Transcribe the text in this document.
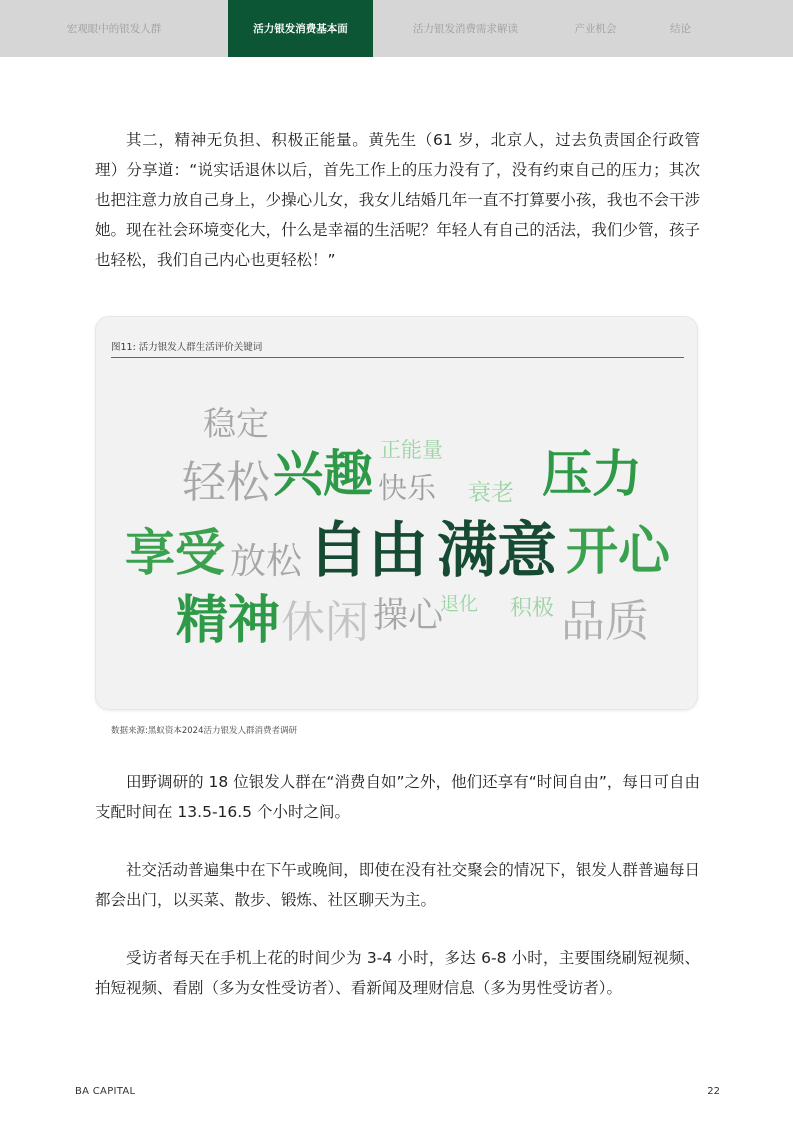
宏观眼中的银发人群	活力银发消费基本面	活力银发消费需求解读	产业机会	结论

其二，精神无负担、积极正能量。黄先生（61 岁，北京人，过去负责国企行政管理）分享道：“说实话退休以后，首先工作上的压力没有了，没有约束自己的压力；其次也把注意力放自己身上，少操心儿女，我女儿结婚几年一直不打算要小孩，我也不会干涉她。现在社会环境变化大，什么是幸福的生活呢？年轻人有自己的活法，我们少管，孩子也轻松，我们自己内心也更轻松！”

图11: 活力银发人群生活评价关键词
稳定
正能量
轻松 兴趣 快乐 衰老 压力
享受 放松 自由 满意 开心
精神 休闲 操心
退化 积极 品质
数据来源:黑蚁资本2024活力银发人群消费者调研

田野调研的 18 位银发人群在“消费自如”之外，他们还享有“时间自由”，每日可自由支配时间在 13.5-16.5 个小时之间。

社交活动普遍集中在下午或晚间，即使在没有社交聚会的情况下，银发人群普遍每日都会出门，以买菜、散步、锻炼、社区聊天为主。

受访者每天在手机上花的时间少为 3-4 小时，多达 6-8 小时，主要围绕刷短视频、拍短视频、看剧（多为女性受访者）、看新闻及理财信息（多为男性受访者）。

BA CAPITAL	22
